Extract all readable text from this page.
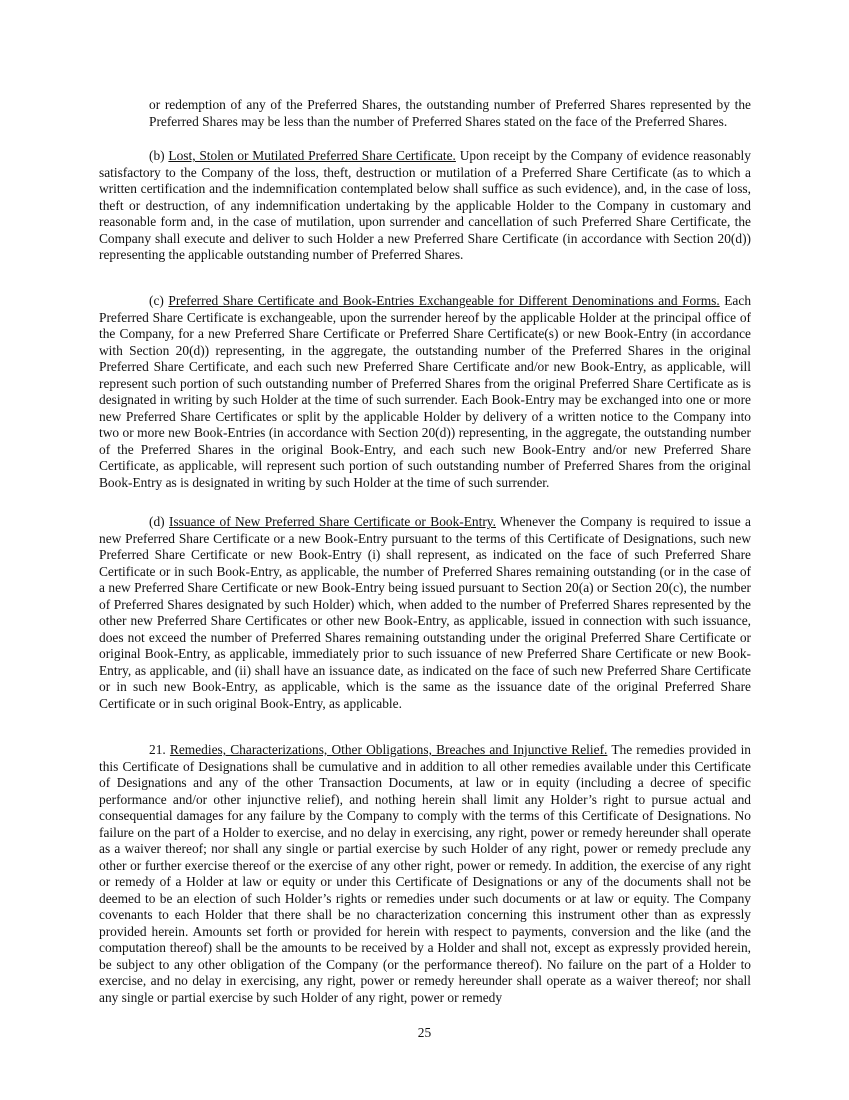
or redemption of any of the Preferred Shares, the outstanding number of Preferred Shares represented by the Preferred Shares may be less than the number of Preferred Shares stated on the face of the Preferred Shares.

(b) Lost, Stolen or Mutilated Preferred Share Certificate. Upon receipt by the Company of evidence reasonably satisfactory to the Company of the loss, theft, destruction or mutilation of a Preferred Share Certificate (as to which a written certification and the indemnification contemplated below shall suffice as such evidence), and, in the case of loss, theft or destruction, of any indemnification undertaking by the applicable Holder to the Company in customary and reasonable form and, in the case of mutilation, upon surrender and cancellation of such Preferred Share Certificate, the Company shall execute and deliver to such Holder a new Preferred Share Certificate (in accordance with Section 20(d)) representing the applicable outstanding number of Preferred Shares.

(c) Preferred Share Certificate and Book-Entries Exchangeable for Different Denominations and Forms. Each Preferred Share Certificate is exchangeable, upon the surrender hereof by the applicable Holder at the principal office of the Company, for a new Preferred Share Certificate or Preferred Share Certificate(s) or new Book-Entry (in accordance with Section 20(d)) representing, in the aggregate, the outstanding number of the Preferred Shares in the original Preferred Share Certificate, and each such new Preferred Share Certificate and/or new Book-Entry, as applicable, will represent such portion of such outstanding number of Preferred Shares from the original Preferred Share Certificate as is designated in writing by such Holder at the time of such surrender. Each Book-Entry may be exchanged into one or more new Preferred Share Certificates or split by the applicable Holder by delivery of a written notice to the Company into two or more new Book-Entries (in accordance with Section 20(d)) representing, in the aggregate, the outstanding number of the Preferred Shares in the original Book-Entry, and each such new Book-Entry and/or new Preferred Share Certificate, as applicable, will represent such portion of such outstanding number of Preferred Shares from the original Book-Entry as is designated in writing by such Holder at the time of such surrender.

(d) Issuance of New Preferred Share Certificate or Book-Entry. Whenever the Company is required to issue a new Preferred Share Certificate or a new Book-Entry pursuant to the terms of this Certificate of Designations, such new Preferred Share Certificate or new Book-Entry (i) shall represent, as indicated on the face of such Preferred Share Certificate or in such Book-Entry, as applicable, the number of Preferred Shares remaining outstanding (or in the case of a new Preferred Share Certificate or new Book-Entry being issued pursuant to Section 20(a) or Section 20(c), the number of Preferred Shares designated by such Holder) which, when added to the number of Preferred Shares represented by the other new Preferred Share Certificates or other new Book-Entry, as applicable, issued in connection with such issuance, does not exceed the number of Preferred Shares remaining outstanding under the original Preferred Share Certificate or original Book-Entry, as applicable, immediately prior to such issuance of new Preferred Share Certificate or new Book-Entry, as applicable, and (ii) shall have an issuance date, as indicated on the face of such new Preferred Share Certificate or in such new Book-Entry, as applicable, which is the same as the issuance date of the original Preferred Share Certificate or in such original Book-Entry, as applicable.

21. Remedies, Characterizations, Other Obligations, Breaches and Injunctive Relief. The remedies provided in this Certificate of Designations shall be cumulative and in addition to all other remedies available under this Certificate of Designations and any of the other Transaction Documents, at law or in equity (including a decree of specific performance and/or other injunctive relief), and nothing herein shall limit any Holder’s right to pursue actual and consequential damages for any failure by the Company to comply with the terms of this Certificate of Designations. No failure on the part of a Holder to exercise, and no delay in exercising, any right, power or remedy hereunder shall operate as a waiver thereof; nor shall any single or partial exercise by such Holder of any right, power or remedy preclude any other or further exercise thereof or the exercise of any other right, power or remedy. In addition, the exercise of any right or remedy of a Holder at law or equity or under this Certificate of Designations or any of the documents shall not be deemed to be an election of such Holder’s rights or remedies under such documents or at law or equity. The Company covenants to each Holder that there shall be no characterization concerning this instrument other than as expressly provided herein. Amounts set forth or provided for herein with respect to payments, conversion and the like (and the computation thereof) shall be the amounts to be received by a Holder and shall not, except as expressly provided herein, be subject to any other obligation of the Company (or the performance thereof). No failure on the part of a Holder to exercise, and no delay in exercising, any right, power or remedy hereunder shall operate as a waiver thereof; nor shall any single or partial exercise by such Holder of any right, power or remedy

25
